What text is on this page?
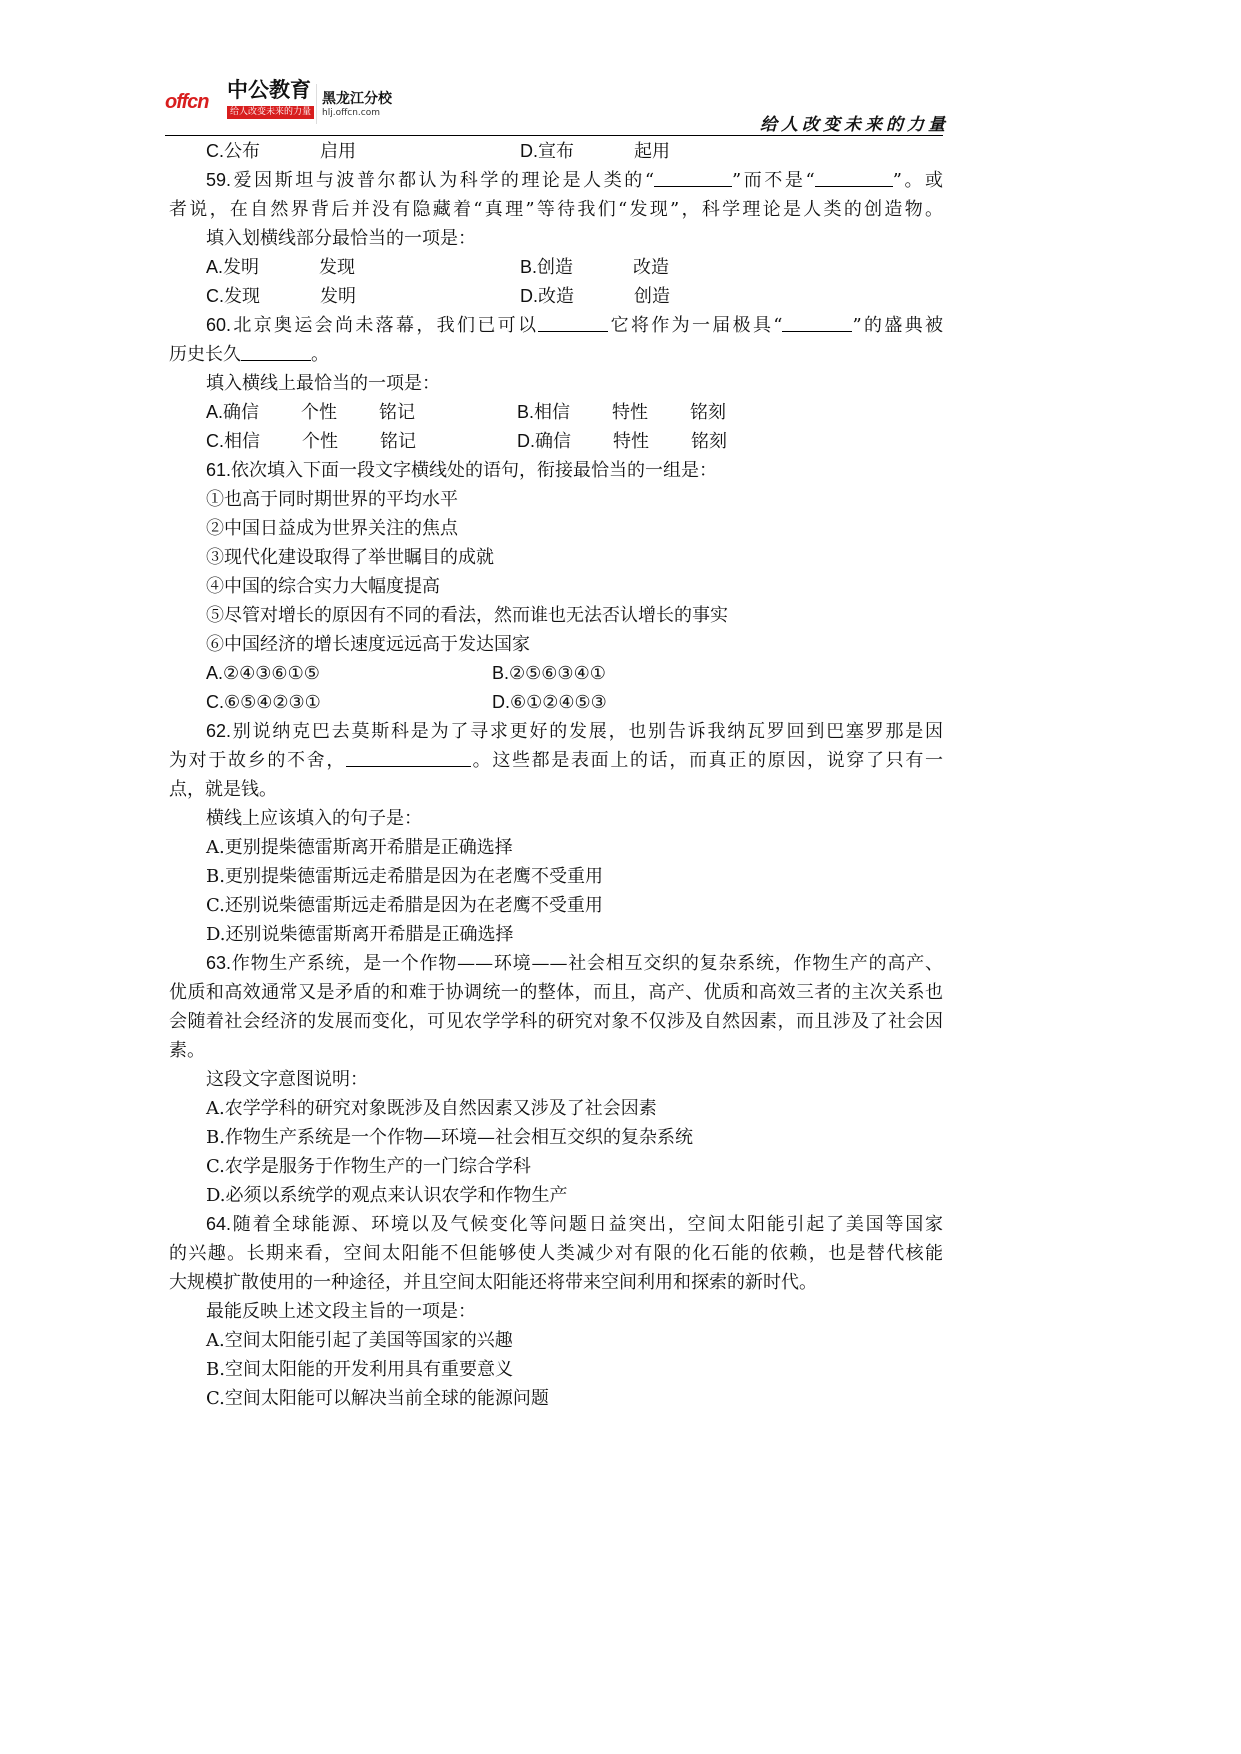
offcn 中公教育
给人改变未来的力量
黑龙江分校
hlj.offcn.com
给人改变未来的力量
C.公布	启用	D.宣布	起用
59.爱因斯坦与波普尔都认为科学的理论是人类的“	”而不是“	”。或
者说，在自然界背后并没有隐藏着“真理”等待我们“发现”，科学理论是人类的创造物。
填入划横线部分最恰当的一项是：
A.发明	发现	B.创造	改造
C.发现	发明	D.改造	创造
60.北京奥运会尚未落幕，我们已可以	它将作为一届极具“	”的盛典被
历史长久	。
填入横线上最恰当的一项是：
A.确信 个性 铭记	B.相信 特性 铭刻
C.相信 个性 铭记	D.确信 特性 铭刻
61.依次填入下面一段文字横线处的语句，衔接最恰当的一组是：
①也高于同时期世界的平均水平
②中国日益成为世界关注的焦点
③现代化建设取得了举世瞩目的成就
④中国的综合实力大幅度提高
⑤尽管对增长的原因有不同的看法，然而谁也无法否认增长的事实
⑥中国经济的增长速度远远高于发达国家
A.②④③⑥①⑤	B.②⑤⑥③④①
C.⑥⑤④②③①	D.⑥①②④⑤③
62.别说纳克巴去莫斯科是为了寻求更好的发展，也别告诉我纳瓦罗回到巴塞罗那是因
为对于故乡的不舍，	。这些都是表面上的话，而真正的原因，说穿了只有一
点，就是钱。
横线上应该填入的句子是：
A.更别提柴德雷斯离开希腊是正确选择
B.更别提柴德雷斯远走希腊是因为在老鹰不受重用
C.还别说柴德雷斯远走希腊是因为在老鹰不受重用
D.还别说柴德雷斯离开希腊是正确选择
63.作物生产系统，是一个作物——环境——社会相互交织的复杂系统，作物生产的高产、
优质和高效通常又是矛盾的和难于协调统一的整体，而且，高产、优质和高效三者的主次关系也
会随着社会经济的发展而变化，可见农学学科的研究对象不仅涉及自然因素，而且涉及了社会因
素。
这段文字意图说明：
A.农学学科的研究对象既涉及自然因素又涉及了社会因素
B.作物生产系统是一个作物—环境—社会相互交织的复杂系统
C.农学是服务于作物生产的一门综合学科
D.必须以系统学的观点来认识农学和作物生产
64.随着全球能源、环境以及气候变化等问题日益突出，空间太阳能引起了美国等国家
的兴趣。长期来看，空间太阳能不但能够使人类减少对有限的化石能的依赖，也是替代核能
大规模扩散使用的一种途径，并且空间太阳能还将带来空间利用和探索的新时代。
最能反映上述文段主旨的一项是：
A.空间太阳能引起了美国等国家的兴趣
B.空间太阳能的开发利用具有重要意义
C.空间太阳能可以解决当前全球的能源问题
